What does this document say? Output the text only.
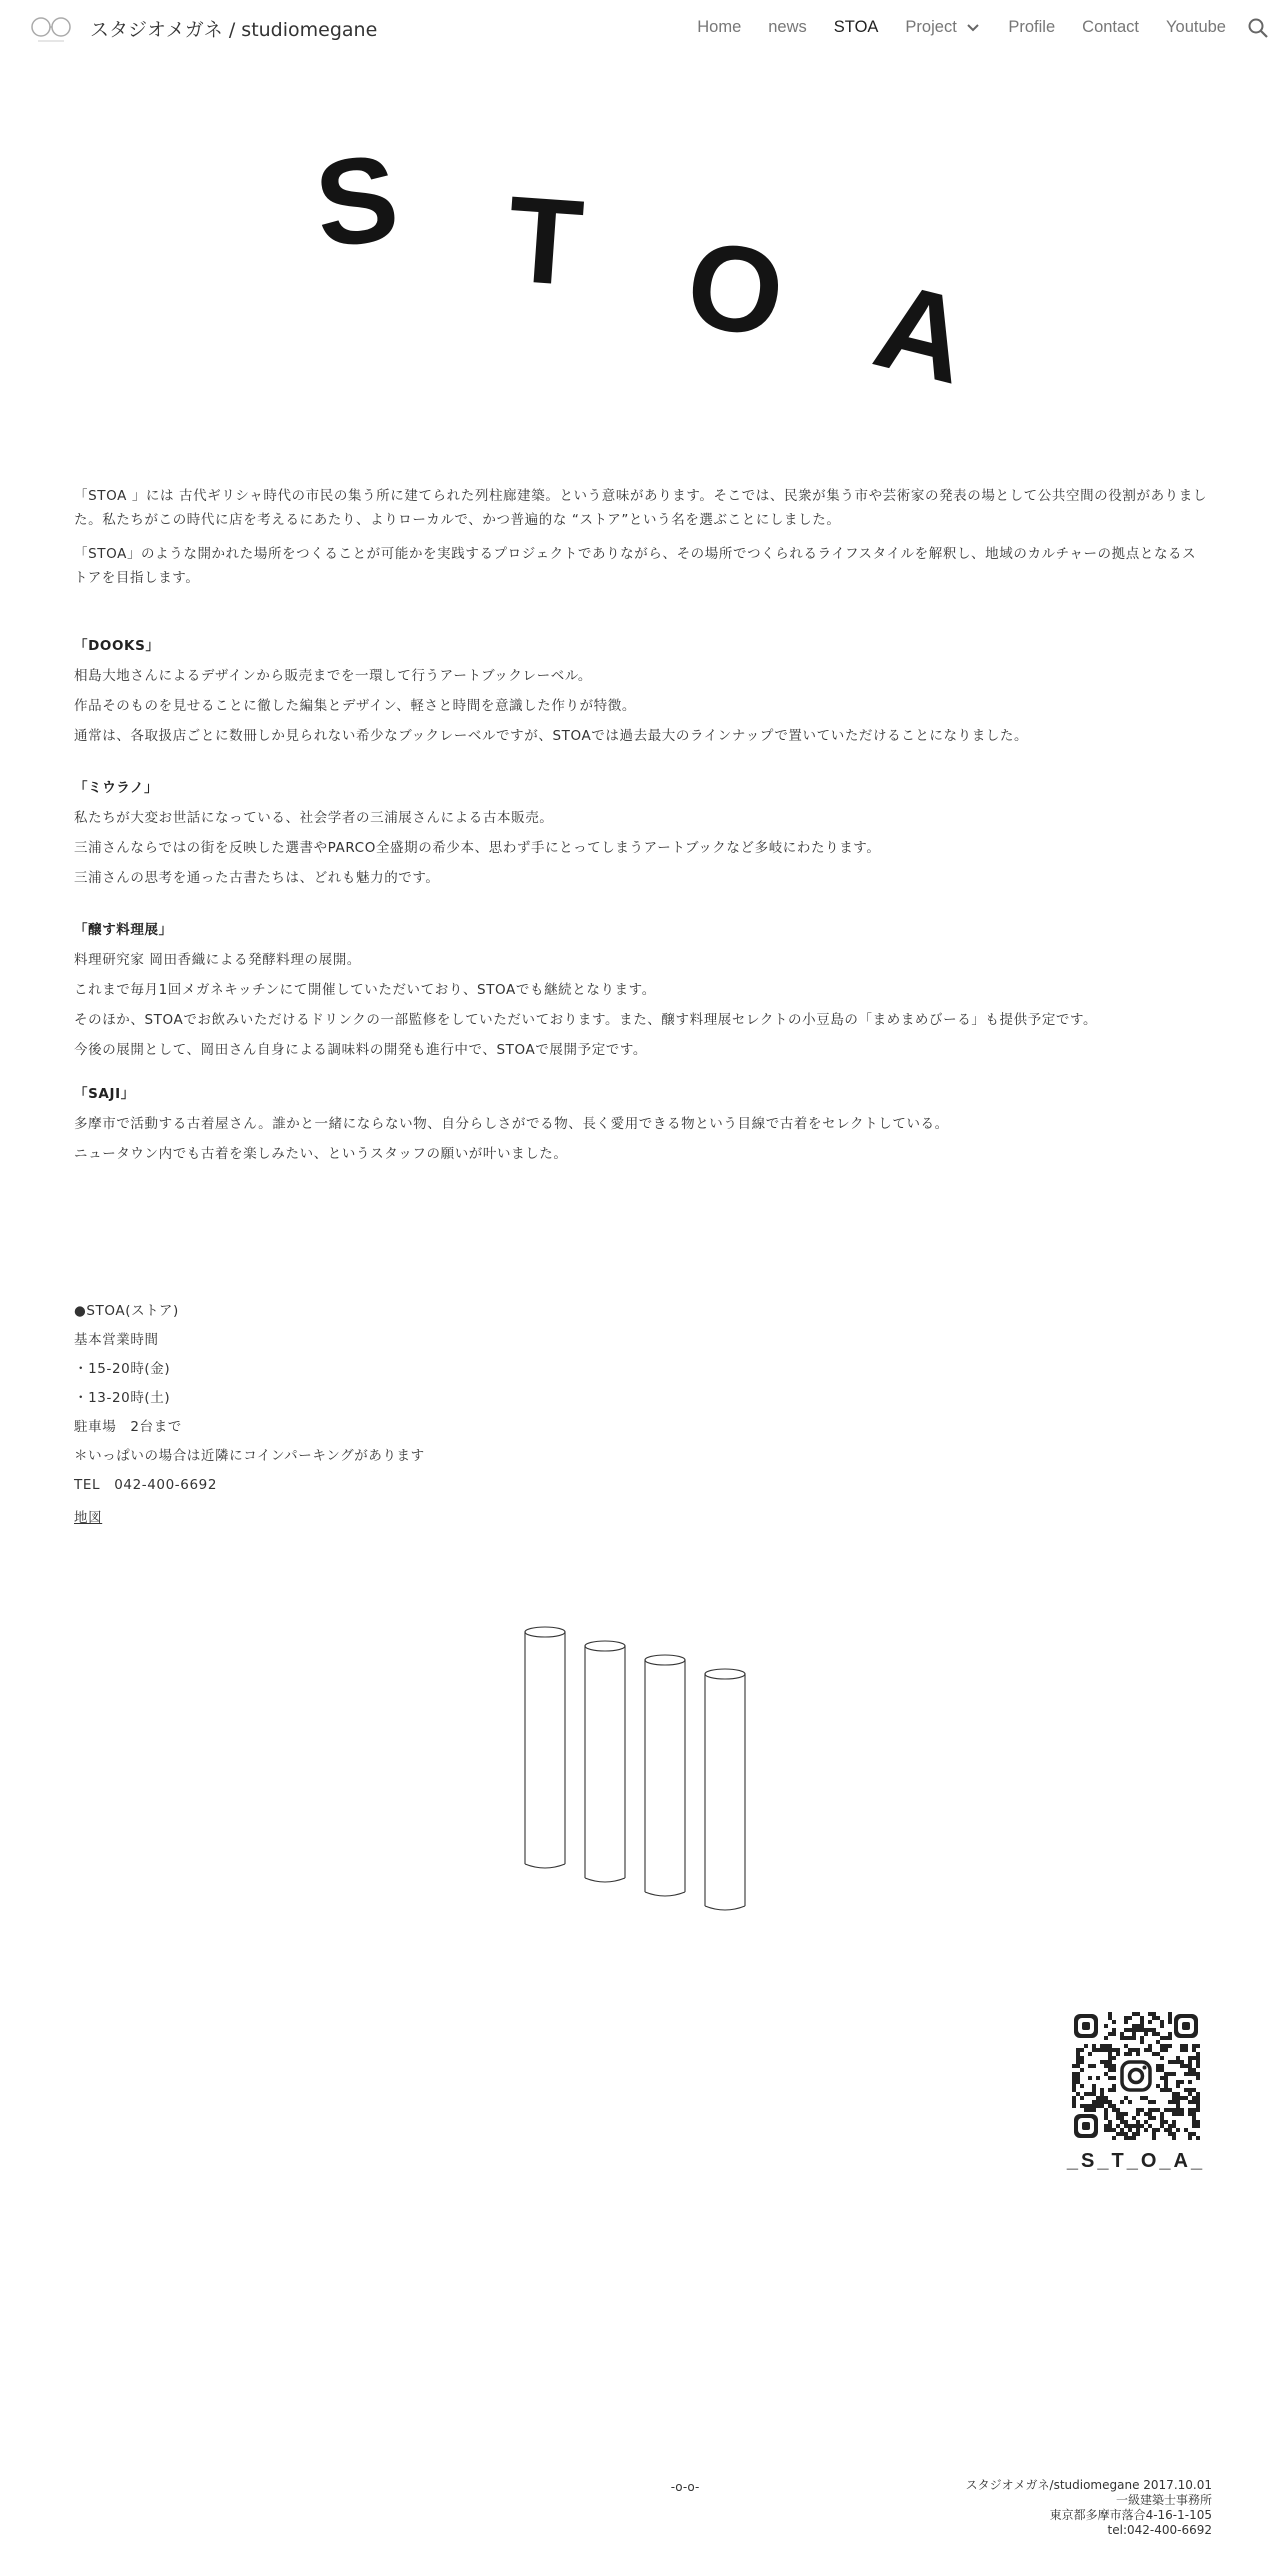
スタジオメガネ / studiomegane	Home news STOA Project	Profile Contact Youtube
S T O A

「STOA 」には 古代ギリシャ時代の市民の集う所に建てられた列柱廊建築。という意味があります。そこでは、民衆が集う市や芸術家の発表の場として公共空間の役割がありました。私たちがこの時代に店を考えるにあたり、よりローカルで、かつ普遍的な “ストア”という名を選ぶことにしました。

「STOA」のような開かれた場所をつくることが可能かを実践するプロジェクトでありながら、その場所でつくられるライフスタイルを解釈し、地域のカルチャーの拠点となるストアを目指します。

「DOOKS」
相島大地さんによるデザインから販売までを一環して行うアートブックレーベル。
作品そのものを見せることに徹した編集とデザイン、軽さと時間を意識した作りが特徴。
通常は、各取扱店ごとに数冊しか見られない希少なブックレーベルですが、STOAでは過去最大のラインナップで置いていただけることになりました。
「ミウラノ」
私たちが大変お世話になっている、社会学者の三浦展さんによる古本販売。
三浦さんならではの街を反映した選書やPARCO全盛期の希少本、思わず手にとってしまうアートブックなど多岐にわたります。
三浦さんの思考を通った古書たちは、どれも魅力的です。
「醸す料理展」
料理研究家 岡田香織による発酵料理の展開。
これまで毎月1回メガネキッチンにて開催していただいており、STOAでも継続となります。
そのほか、STOAでお飲みいただけるドリンクの一部監修をしていただいております。また、醸す料理展セレクトの小豆島の「まめまめびーる」も提供予定です。
今後の展開として、岡田さん自身による調味料の開発も進行中で、STOAで展開予定です。
「SAJI」
多摩市で活動する古着屋さん。誰かと一緒にならない物、自分らしさがでる物、長く愛用できる物という目線で古着をセレクトしている。
ニュータウン内でも古着を楽しみたい、というスタッフの願いが叶いました。
●STOA(ストア)
基本営業時間
・15-20時(金)
・13-20時(土)
駐車場　2台まで
＊いっぱいの場合は近隣にコインパーキングがあります
TEL　042-400-6692
地図
_S_T_O_A_
-o-o-	スタジオメガネ/studiomegane 2017.10.01
一級建築士事務所
東京都多摩市落合4-16-1-105
tel:042-400-6692
